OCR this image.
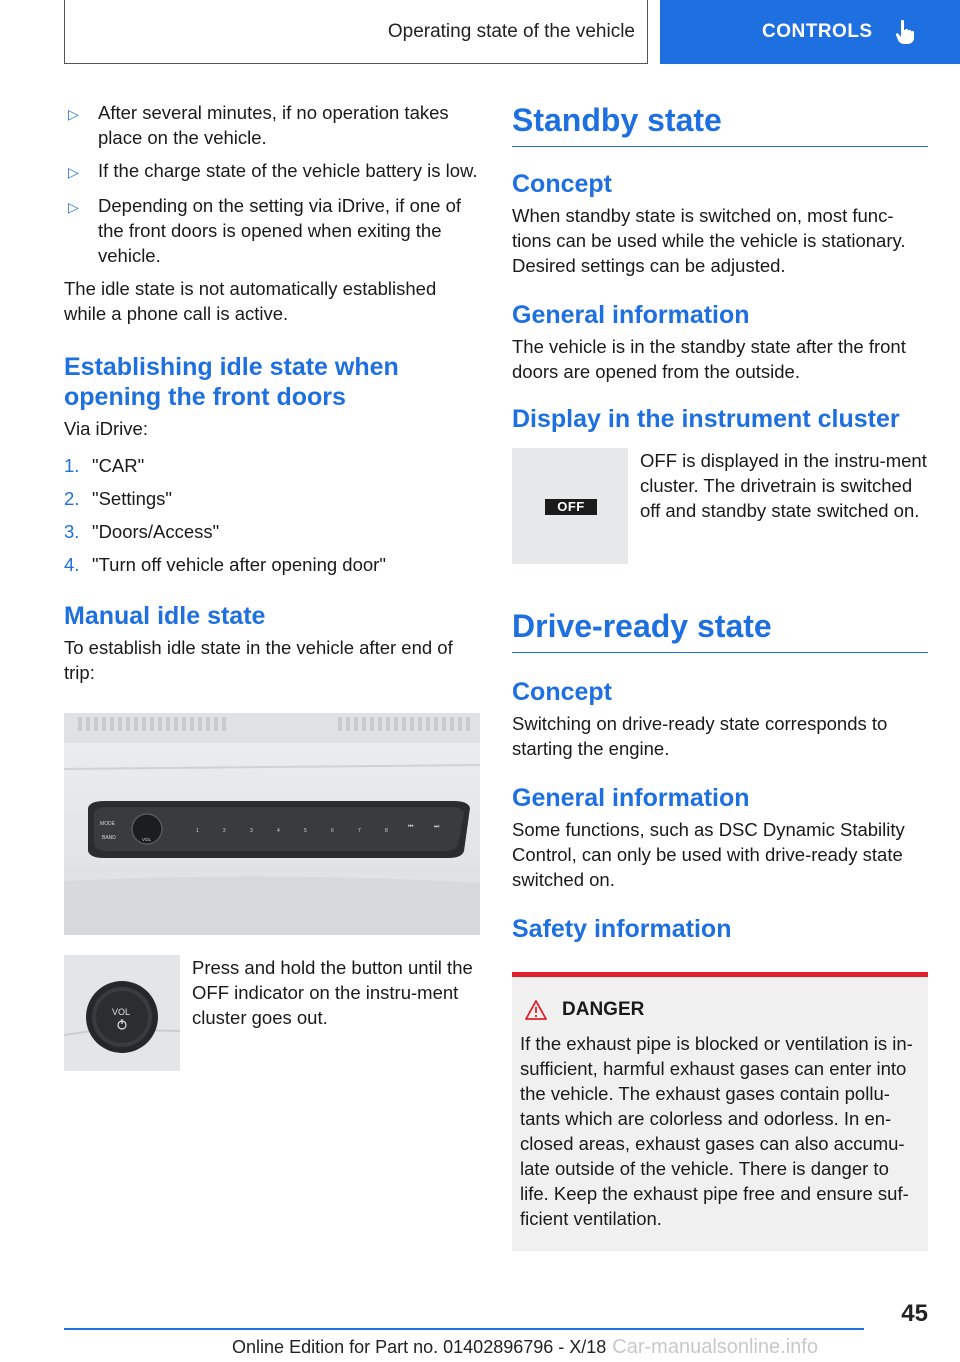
Operating state of the vehicle	CONTROLS
▷	After several minutes, if no operation takes place on the vehicle.
▷	If the charge state of the vehicle battery is low.
▷	Depending on the setting via iDrive, if one of the front doors is opened when exiting the vehicle.

The idle state is not automatically established while a phone call is active.

Establishing idle state when opening the front doors

Via iDrive:

1. "CAR"
2. "Settings"
3. "Doors/Access"
4. "Turn off vehicle after opening door"
Manual idle state

To establish idle state in the vehicle after end of trip:

MODE
BAND	VOL
1	2	3	4	5	6	7	8
⏮	⏭
VOL

Press and hold the button until the OFF indicator on the instru-ment cluster goes out.

Standby state
Concept

When standby state is switched on, most func-tions can be used while the vehicle is stationary. Desired settings can be adjusted.

General information

The vehicle is in the standby state after the front doors are opened from the outside.

Display in the instrument cluster
OFF

OFF is displayed in the instru-ment cluster. The drivetrain is switched off and standby state switched on.

Drive-ready state
Concept

Switching on drive-ready state corresponds to starting the engine.

General information

Some functions, such as DSC Dynamic Stability Control, can only be used with drive-ready state switched on.

Safety information
DANGER

If the exhaust pipe is blocked or ventilation is in-sufficient, harmful exhaust gases can enter into the vehicle. The exhaust gases contain pollu-tants which are colorless and odorless. In en-closed areas, exhaust gases can also accumu-late outside of the vehicle. There is danger to life. Keep the exhaust pipe free and ensure suf-ficient ventilation.

45
Online Edition for Part no. 01402896796 - X/18 Car-manualsonline.info
